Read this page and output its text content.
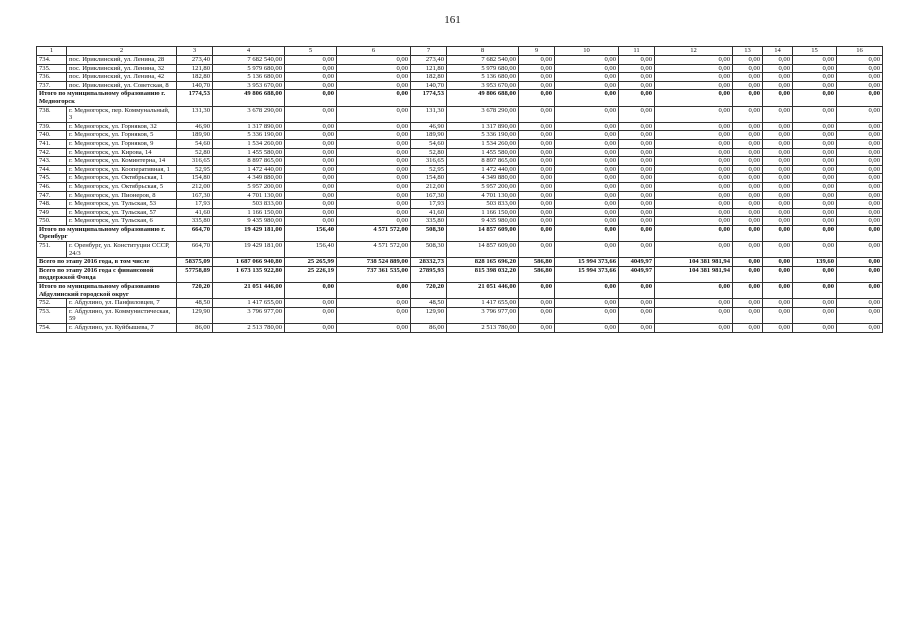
161
1	2	3	4	5	6	7	8	9	10	11	12	13	14	15	16
734.	пос. Ириклинский, ул. Ленина, 28	273,40	7 682 540,00	0,00	0,00	273,40	7 682 540,00	0,00	0,00	0,00	0,00	0,00	0,00	0,00	0,00
735.	пос. Ириклинский, ул. Ленина, 32	121,80	5 979 680,00	0,00	0,00	121,80	5 979 680,00	0,00	0,00	0,00	0,00	0,00	0,00	0,00	0,00
736.	пос. Ириклинский, ул. Ленина, 42	182,80	5 136 680,00	0,00	0,00	182,80	5 136 680,00	0,00	0,00	0,00	0,00	0,00	0,00	0,00	0,00
737.	пос. Ириклинский, ул. Советская, 8	140,70	3 953 670,00	0,00	0,00	140,70	3 953 670,00	0,00	0,00	0,00	0,00	0,00	0,00	0,00	0,00
Итого по муниципальному образованию г. Медногорск		1774,53	49 806 688,00	0,00	0,00	1774,53	49 806 688,00	0,00	0,00	0,00	0,00	0,00	0,00	0,00	0,00
738.	г. Медногорск, пер. Коммунальный, 3	131,30	3 678 290,00	0,00	0,00	131,30	3 678 290,00	0,00	0,00	0,00	0,00	0,00	0,00	0,00	0,00
739.	г. Медногорск, ул. Горняков, 32	46,90	1 317 890,00	0,00	0,00	46,90	1 317 890,00	0,00	0,00	0,00	0,00	0,00	0,00	0,00	0,00
740.	г. Медногорск, ул. Горняков, 5	189,90	5 336 190,00	0,00	0,00	189,90	5 336 190,00	0,00	0,00	0,00	0,00	0,00	0,00	0,00	0,00
741.	г. Медногорск, ул. Горняков, 9	54,60	1 534 260,00	0,00	0,00	54,60	1 534 260,00	0,00	0,00	0,00	0,00	0,00	0,00	0,00	0,00
742.	г. Медногорск, ул. Кирова, 14	52,80	1 455 580,00	0,00	0,00	52,80	1 455 580,00	0,00	0,00	0,00	0,00	0,00	0,00	0,00	0,00
743.	г. Медногорск, ул. Коминтерна, 14	316,65	8 897 865,00	0,00	0,00	316,65	8 897 865,00	0,00	0,00	0,00	0,00	0,00	0,00	0,00	0,00
744.	г. Медногорск, ул. Кооперативная, 1	52,95	1 472 440,00	0,00	0,00	52,95	1 472 440,00	0,00	0,00	0,00	0,00	0,00	0,00	0,00	0,00
745.	г. Медногорск, ул. Октябрьская, 1	154,80	4 349 880,00	0,00	0,00	154,80	4 349 880,00	0,00	0,00	0,00	0,00	0,00	0,00	0,00	0,00
746.	г. Медногорск, ул. Октябрьская, 5	212,00	5 957 200,00	0,00	0,00	212,00	5 957 200,00	0,00	0,00	0,00	0,00	0,00	0,00	0,00	0,00
747.	г. Медногорск, ул. Пионеров, 8	167,30	4 701 130,00	0,00	0,00	167,30	4 701 130,00	0,00	0,00	0,00	0,00	0,00	0,00	0,00	0,00
748.	г. Медногорск, ул. Тульская, 53	17,93	503 833,00	0,00	0,00	17,93	503 833,00	0,00	0,00	0,00	0,00	0,00	0,00	0,00	0,00
749	г. Медногорск, ул. Тульская, 57	41,60	1 166 150,00	0,00	0,00	41,60	1 166 150,00	0,00	0,00	0,00	0,00	0,00	0,00	0,00	0,00
750.	г. Медногорск, ул. Тульская, 6	335,80	9 435 980,00	0,00	0,00	335,80	9 435 980,00	0,00	0,00	0,00	0,00	0,00	0,00	0,00	0,00
Итого по муниципальному образованию г. Оренбург		664,70	19 429 181,00	156,40	4 571 572,00	508,30	14 857 609,00	0,00	0,00	0,00	0,00	0,00	0,00	0,00	0,00
751.	г. Оренбург, ул. Конституции СССР, 24/3	664,70	19 429 181,00	156,40	4 571 572,00	508,30	14 857 609,00	0,00	0,00	0,00	0,00	0,00	0,00	0,00	0,00
Всего по этапу 2016 года, в том числе		58375,09	1 687 066 940,80	25 265,99	738 524 889,00	28332,73	828 165 696,20	586,80	15 994 373,66	4049,97	104 381 981,94	0,00	0,00	139,60	0,00
Всего по этапу 2016 года с финансовой поддержкой Фонда		57758,89	1 673 135 922,80	25 226,19	737 361 535,00	27895,93	815 398 032,20	586,80	15 994 373,66	4049,97	104 381 981,94	0,00	0,00	0,00	0,00
Итого по муниципальному образованию Абдулинский городской округ		720,20	21 051 446,00	0,00	0,00	720,20	21 051 446,00	0,00	0,00	0,00	0,00	0,00	0,00	0,00	0,00
752.	г. Абдулино, ул. Панфиловцев, 7	48,50	1 417 655,00	0,00	0,00	48,50	1 417 655,00	0,00	0,00	0,00	0,00	0,00	0,00	0,00	0,00
753.	г. Абдулино, ул. Коммунистическая, 59	129,90	3 796 977,00	0,00	0,00	129,90	3 796 977,00	0,00	0,00	0,00	0,00	0,00	0,00	0,00	0,00
754.	г. Абдулино, ул. Куйбышева, 7	86,00	2 513 780,00	0,00	0,00	86,00	2 513 780,00	0,00	0,00	0,00	0,00	0,00	0,00	0,00	0,00
